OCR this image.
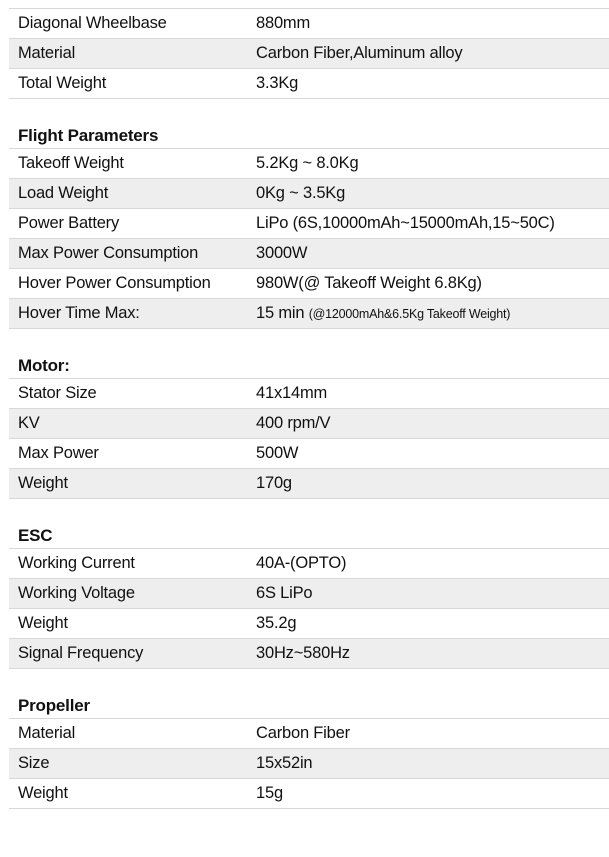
Diagonal Wheelbase	880mm
Material	Carbon Fiber,Aluminum alloy
Total Weight	3.3Kg
Flight Parameters
Takeoff Weight	5.2Kg ~ 8.0Kg
Load Weight	0Kg ~ 3.5Kg
Power Battery	LiPo (6S,10000mAh~15000mAh,15~50C)
Max Power Consumption	3000W
Hover Power Consumption	980W(@ Takeoff Weight 6.8Kg)
Hover Time Max:	15 min (@12000mAh&6.5Kg Takeoff Weight)
Motor:
Stator Size	41x14mm
KV	400 rpm/V
Max Power	500W
Weight	170g
ESC
Working Current	40A-(OPTO)
Working Voltage	6S LiPo
Weight	35.2g
Signal Frequency	30Hz~580Hz
Propeller
Material	Carbon Fiber
Size	15x52in
Weight	15g
